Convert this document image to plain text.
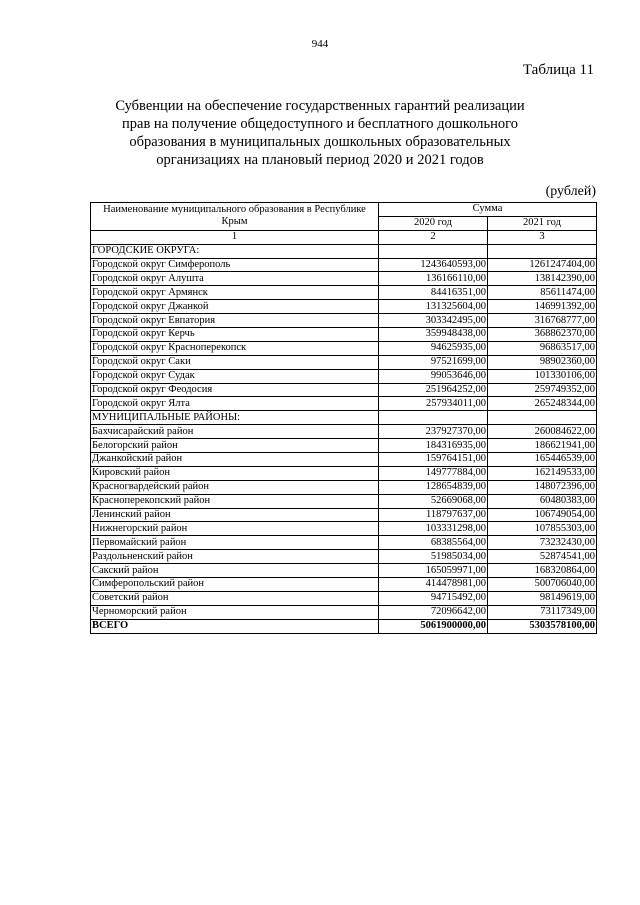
944
Таблица 11
Субвенции на обеспечение государственных гарантий реализации прав на получение общедоступного и бесплатного дошкольного образования в муниципальных дошкольных образовательных организациях на плановый период 2020 и 2021 годов
(рублей)
Наименование муниципального образования в Республике Крым	Сумма	
	2020 год	2021 год
1	2	3
ГОРОДСКИЕ ОКРУГА:		
Городской округ Симферополь	1243640593,00	1261247404,00
Городской округ Алушта	136166110,00	138142390,00
Городской округ Армянск	84416351,00	85611474,00
Городской округ Джанкой	131325604,00	146991392,00
Городской округ Евпатория	303342495,00	316768777,00
Городской округ Керчь	359948438,00	368862370,00
Городской округ Красноперекопск	94625935,00	96863517,00
Городской округ Саки	97521699,00	98902360,00
Городской округ Судак	99053646,00	101330106,00
Городской округ Феодосия	251964252,00	259749352,00
Городской округ Ялта	257934011,00	265248344,00
МУНИЦИПАЛЬНЫЕ РАЙОНЫ:		
Бахчисарайский район	237927370,00	260084622,00
Белогорский район	184316935,00	186621941,00
Джанкойский район	159764151,00	165446539,00
Кировский район	149777884,00	162149533,00
Красногвардейский район	128654839,00	148072396,00
Красноперекопский район	52669068,00	60480383,00
Ленинский район	118797637,00	106749054,00
Нижнегорский район	103331298,00	107855303,00
Первомайский район	68385564,00	73232430,00
Раздольненский район	51985034,00	52874541,00
Сакский район	165059971,00	168320864,00
Симферопольский район	414478981,00	500706040,00
Советский район	94715492,00	98149619,00
Черноморский район	72096642,00	73117349,00
ВСЕГО	5061900000,00	5303578100,00
